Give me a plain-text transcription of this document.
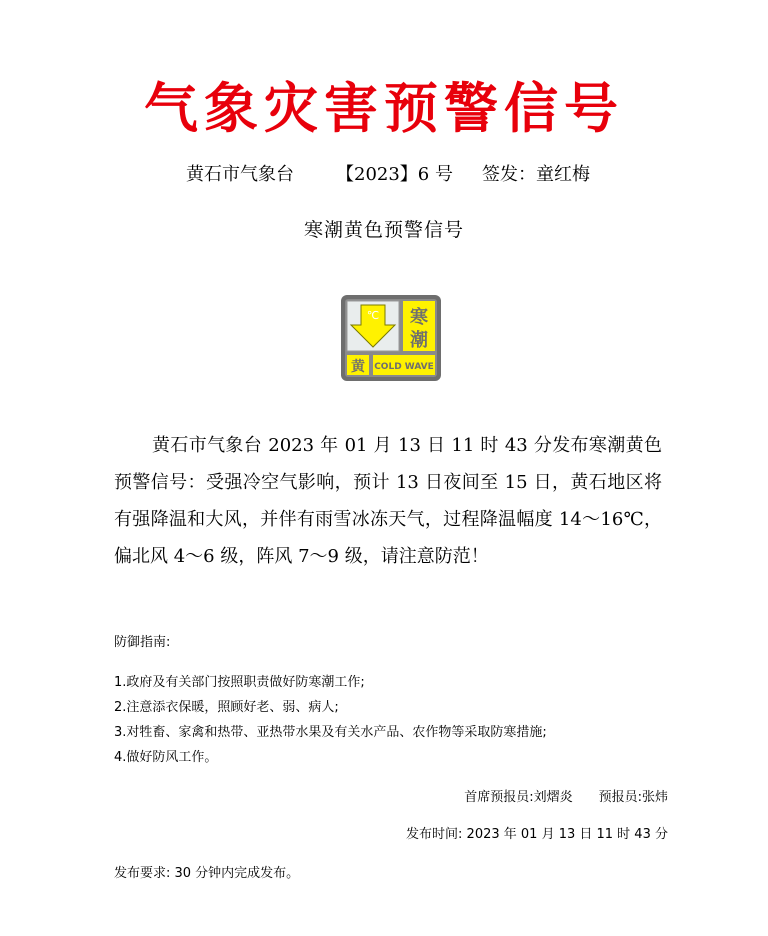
气象灾害预警信号
黄石市气象台 【2023】6 号 签发：童红梅
寒潮黄色预警信号
℃ 寒
潮
黄 COLD WAVE
黄石市气象台 2023 年 01 月 13 日 11 时 43 分发布寒潮黄色预警信号：受强冷空气影响，预计 13 日夜间至 15 日，黄石地区将有强降温和大风，并伴有雨雪冰冻天气，过程降温幅度 14～16℃，偏北风 4～6 级，阵风 7～9 级，请注意防范！
防御指南:
1.政府及有关部门按照职责做好防寒潮工作;
2.注意添衣保暖，照顾好老、弱、病人;
3.对牲畜、家禽和热带、亚热带水果及有关水产品、农作物等采取防寒措施;
4.做好防风工作。
首席预报员:刘熠炎　　预报员:张炜
发布时间: 2023 年 01 月 13 日 11 时 43 分
发布要求: 30 分钟内完成发布。
